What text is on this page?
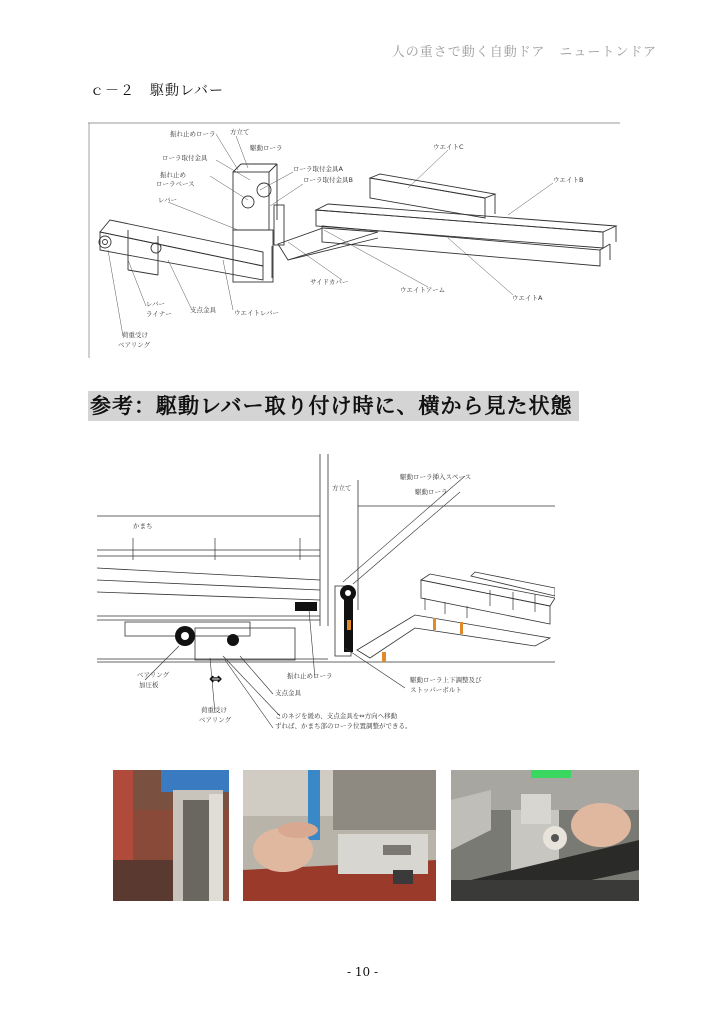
人の重さで動く自動ドア　ニュートンドア
ｃ－２　駆動レバー
振れ止めローラ 方立て
ローラ取付金具
駆動ローラ
ローラ取付金具A
振れ止め
ローラベース	ローラ取付金具B
レバー
ウエイトC
ウエイトB
サイドカバー
ウエイトアーム
ウエイトA
レバー
ライナー	支点金具	ウエイトレバー
荷重受け
ベアリング
参考：駆動レバー取り付け時に、横から見た状態
方立て
かまち
駆動ローラ挿入スペース
駆動ローラ
ベアリング
加圧板
振れ止めローラ	駆動ローラ上下調整及び
ストッパーボルト
支点金具
荷重受け
ベアリング	このネジを緩め、支点金具を⇔方向へ移動
ずれば、かまち部のローラ位置調整ができる。
⇔
- 10 -
